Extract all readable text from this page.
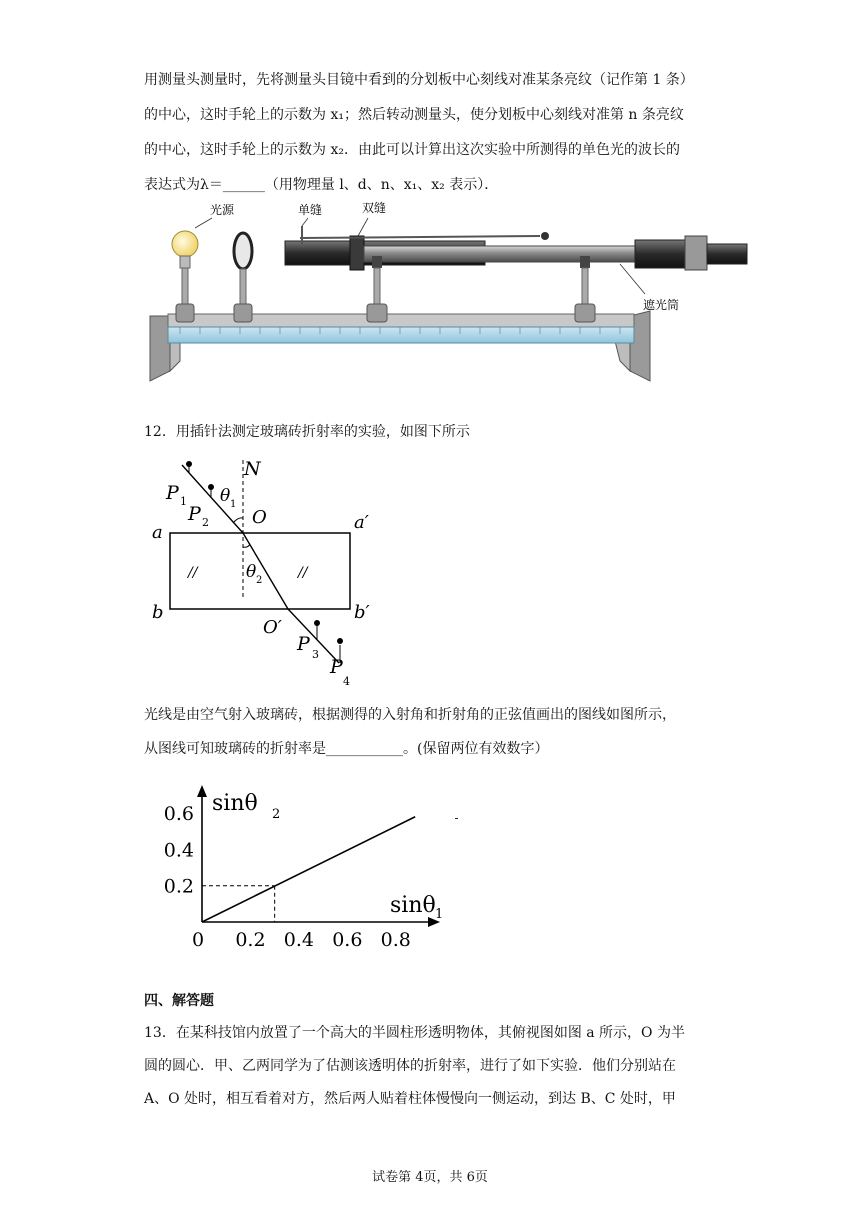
用测量头测量时，先将测量头目镜中看到的分划板中心刻线对准某条亮纹（记作第 1 条）
的中心，这时手轮上的示数为 x₁；然后转动测量头，使分划板中心刻线对准第 n 条亮纹
的中心，这时手轮上的示数为 x₂．由此可以计算出这次实验中所测得的单色光的波长的
表达式为λ＝______（用物理量 l、d、n、x₁、x₂ 表示）．
光源	单缝	双缝
遮光筒
12．用插针法测定玻璃砖折射率的实验，如图下所示
//	//
N
O
O′
a	a′
b	b′
P 1
P 2
P 3
P
4
θ 1
θ 2
光线是由空气射入玻璃砖，根据测得的入射角和折射角的正弦值画出的图线如图所示，
从图线可知玻璃砖的折射率是___________。(保留两位有效数字）
0 0.2 0.4 0.6 0.8
0.2
0.4
0.6 sinθ 2
sinθ 1
四、解答题
13．在某科技馆内放置了一个高大的半圆柱形透明物体，其俯视图如图 a 所示，O 为半
圆的圆心．甲、乙两同学为了估测该透明体的折射率，进行了如下实验．他们分别站在
A、O 处时，相互看着对方，然后两人贴着柱体慢慢向一侧运动，到达 B、C 处时，甲
试卷第 4页，共 6页
